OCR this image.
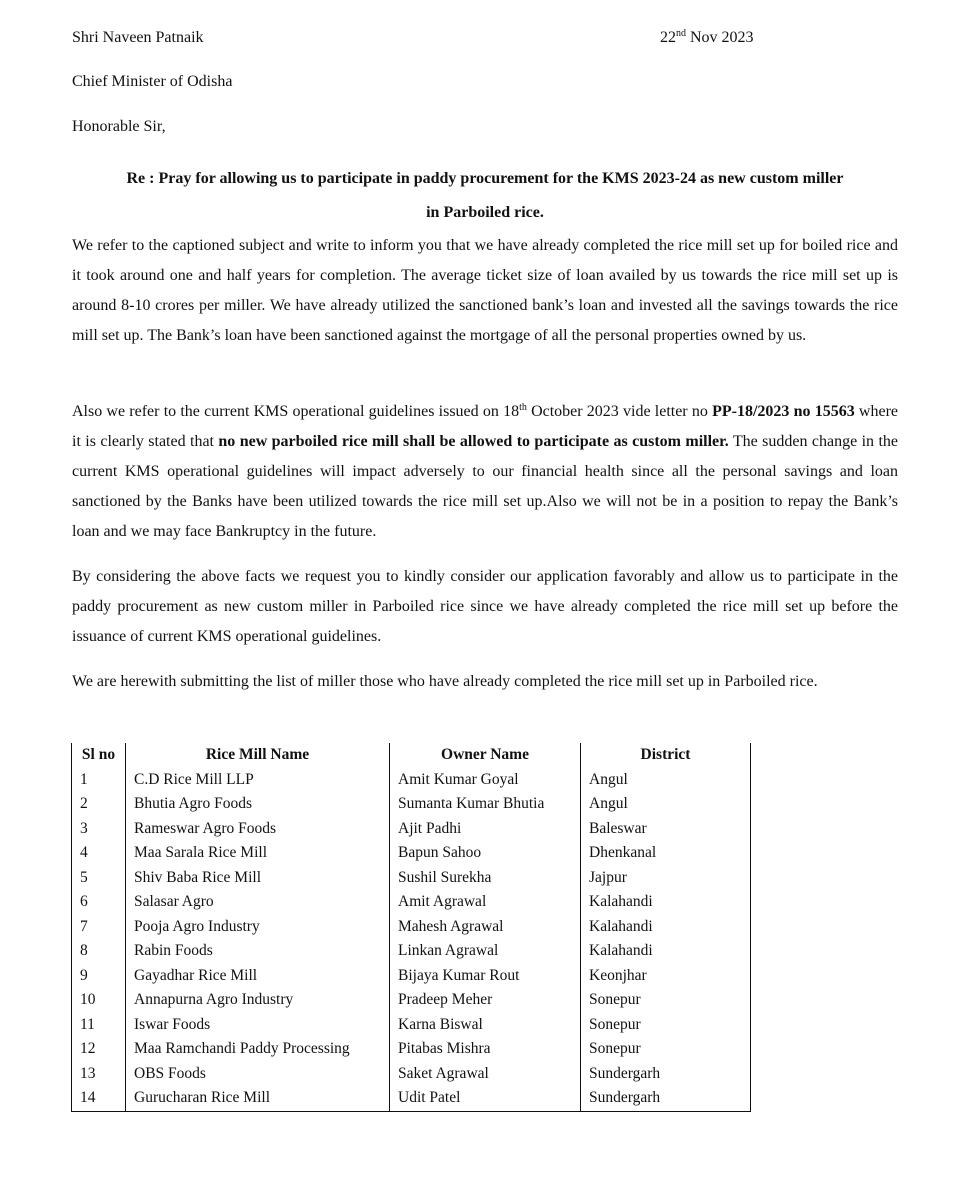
Shri Naveen Patnaik	22nd Nov 2023
Chief Minister of Odisha
Honorable Sir,
Re : Pray for allowing us to participate in paddy procurement for the KMS 2023-24 as new custom miller
in Parboiled rice.

We refer to the captioned subject and write to inform you that we have already completed the rice mill set up for boiled rice and it took around one and half years for completion. The average ticket size of loan availed by us towards the rice mill set up is around 8-10 crores per miller. We have already utilized the sanctioned bank’s loan and invested all the savings towards the rice mill set up. The Bank’s loan have been sanctioned against the mortgage of all the personal properties owned by us.

Also we refer to the current KMS operational guidelines issued on 18th October 2023 vide letter no PP-18/2023 no 15563 where it is clearly stated that no new parboiled rice mill shall be allowed to participate as custom miller. The sudden change in the current KMS operational guidelines will impact adversely to our financial health since all the personal savings and loan sanctioned by the Banks have been utilized towards the rice mill set up.Also we will not be in a position to repay the Bank’s loan and we may face Bankruptcy in the future.

By considering the above facts we request you to kindly consider our application favorably and allow us to participate in the paddy procurement as new custom miller in Parboiled rice since we have already completed the rice mill set up before the issuance of current KMS operational guidelines.

We are herewith submitting the list of miller those who have already completed the rice mill set up in Parboiled rice.

Sl no	Rice Mill Name	Owner Name	District
1	C.D Rice Mill LLP	Amit Kumar Goyal	Angul
2	Bhutia Agro Foods	Sumanta Kumar Bhutia	Angul
3	Rameswar Agro Foods	Ajit Padhi	Baleswar
4	Maa Sarala Rice Mill	Bapun Sahoo	Dhenkanal
5	Shiv Baba Rice Mill	Sushil Surekha	Jajpur
6	Salasar Agro	Amit Agrawal	Kalahandi
7	Pooja Agro Industry	Mahesh Agrawal	Kalahandi
8	Rabin Foods	Linkan Agrawal	Kalahandi
9	Gayadhar Rice Mill	Bijaya Kumar Rout	Keonjhar
10	Annapurna Agro Industry	Pradeep Meher	Sonepur
11	Iswar Foods	Karna Biswal	Sonepur
12	Maa Ramchandi Paddy Processing	Pitabas Mishra	Sonepur
13	OBS Foods	Saket Agrawal	Sundergarh
14	Gurucharan Rice Mill	Udit Patel	Sundergarh
